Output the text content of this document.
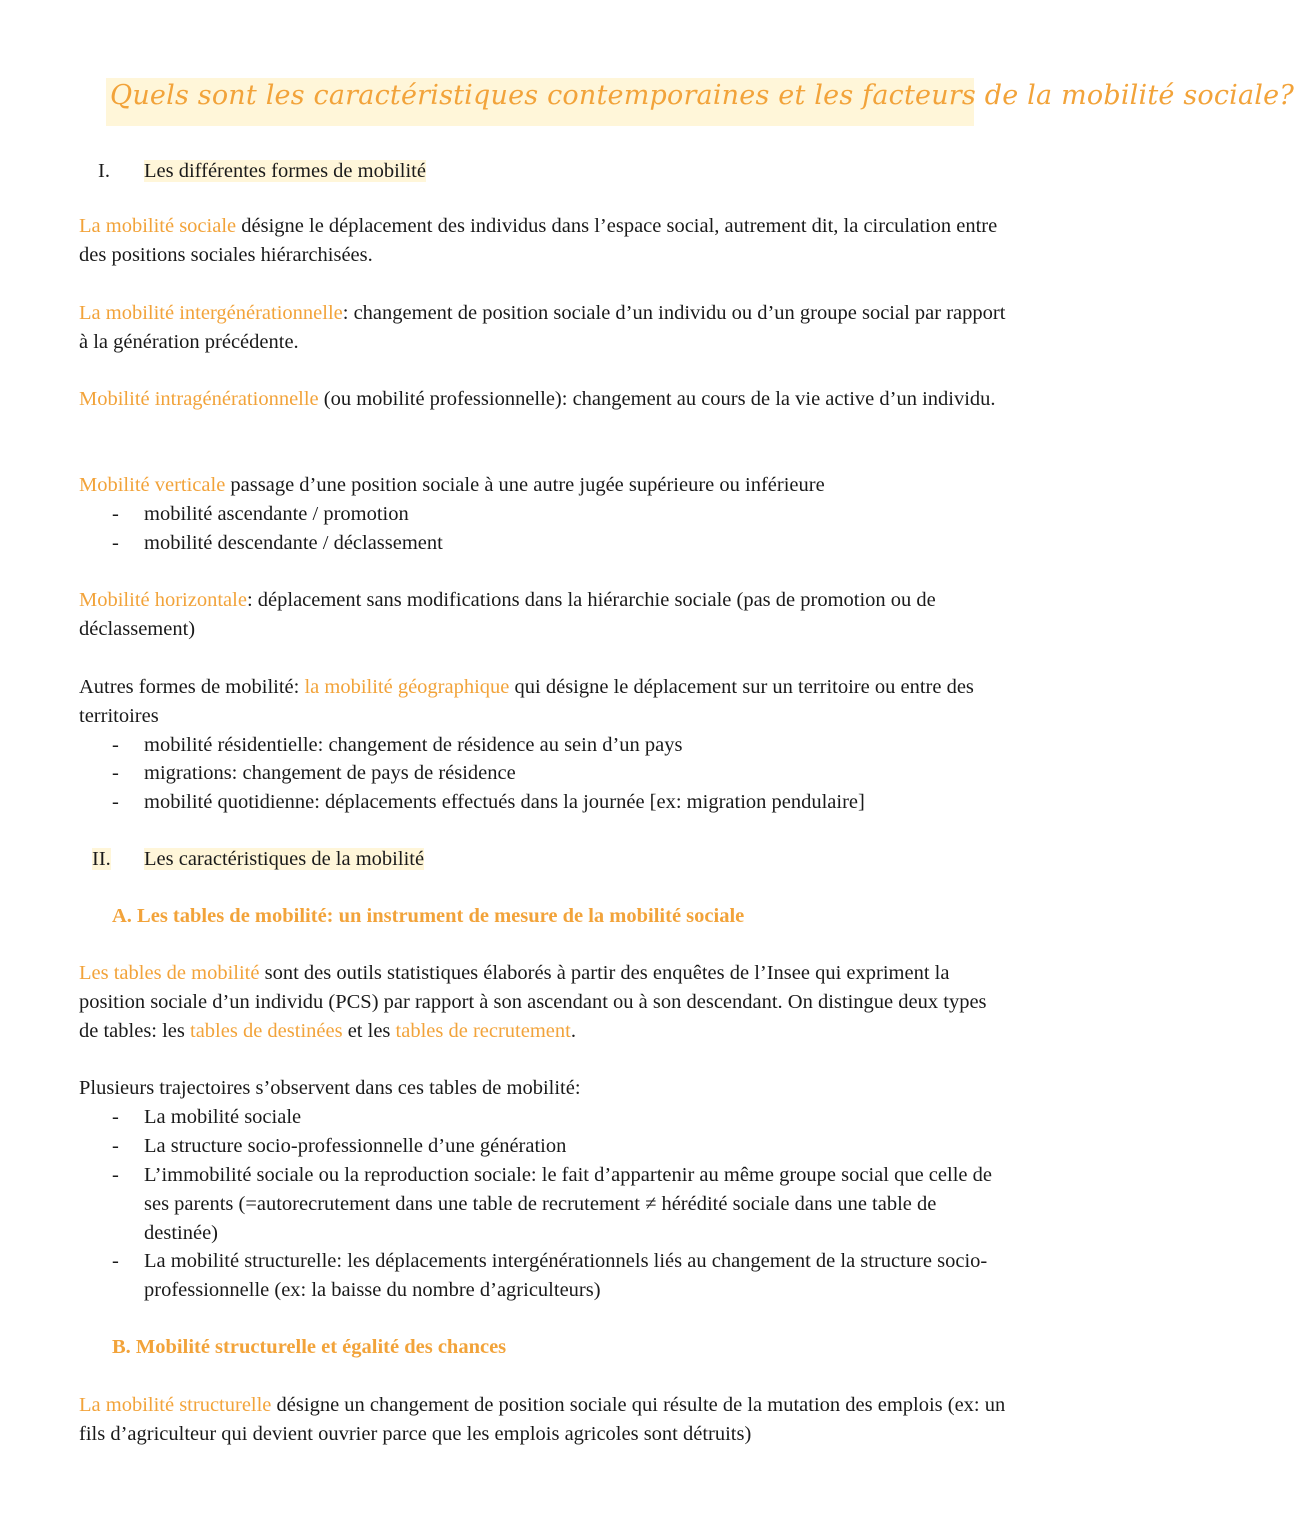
Quels sont les caractéristiques contemporaines et les facteurs de la mobilité sociale?
I. Les différentes formes de mobilité
La mobilité sociale désigne le déplacement des individus dans l’espace social, autrement dit, la circulation entre des positions sociales hiérarchisées.
La mobilité intergénérationnelle: changement de position sociale d’un individu ou d’un groupe social par rapport à la génération précédente.
Mobilité intragénérationnelle (ou mobilité professionnelle): changement au cours de la vie active d’un individu.
Mobilité verticale passage d’une position sociale à une autre jugée supérieure ou inférieure
- mobilité ascendante / promotion
- mobilité descendante / déclassement
Mobilité horizontale: déplacement sans modifications dans la hiérarchie sociale (pas de promotion ou de déclassement)
Autres formes de mobilité: la mobilité géographique qui désigne le déplacement sur un territoire ou entre des territoires
- mobilité résidentielle: changement de résidence au sein d’un pays
- migrations: changement de pays de résidence
- mobilité quotidienne: déplacements effectués dans la journée [ex: migration pendulaire]
II. Les caractéristiques de la mobilité
A. Les tables de mobilité: un instrument de mesure de la mobilité sociale
Les tables de mobilité sont des outils statistiques élaborés à partir des enquêtes de l’Insee qui expriment la position sociale d’un individu (PCS) par rapport à son ascendant ou à son descendant. On distingue deux types de tables: les tables de destinées et les tables de recrutement.
Plusieurs trajectoires s’observent dans ces tables de mobilité:
- La mobilité sociale
- La structure socio-professionnelle d’une génération
- L’immobilité sociale ou la reproduction sociale: le fait d’appartenir au même groupe social que celle de ses parents (=autorecrutement dans une table de recrutement ≠ hérédité sociale dans une table de destinée)
- La mobilité structurelle: les déplacements intergénérationnels liés au changement de la structure socio-professionnelle (ex: la baisse du nombre d’agriculteurs)
B. Mobilité structurelle et égalité des chances
La mobilité structurelle désigne un changement de position sociale qui résulte de la mutation des emplois (ex: un fils d’agriculteur qui devient ouvrier parce que les emplois agricoles sont détruits)
